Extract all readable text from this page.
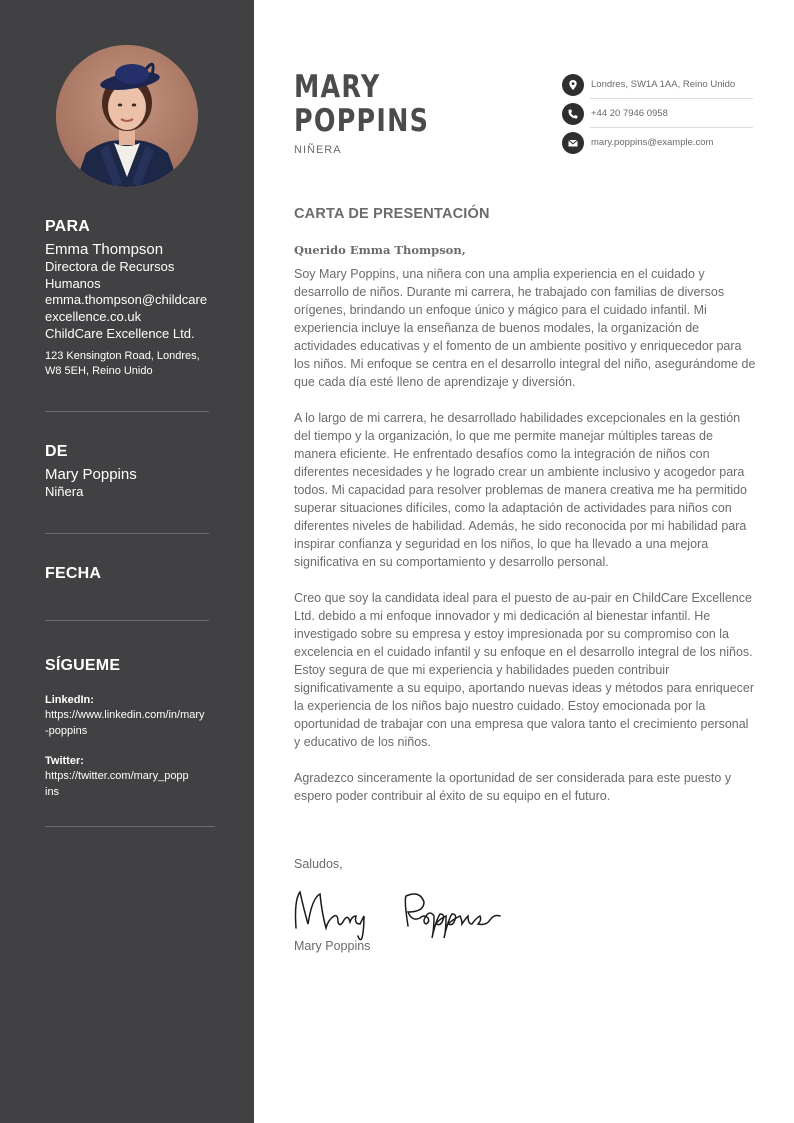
PARA
Emma Thompson
Directora de Recursos Humanos
emma.thompson@childcare
excellence.co.uk
ChildCare Excellence Ltd.
123 Kensington Road, Londres, W8 5EH, Reino Unido
DE
Mary Poppins
Niñera
FECHA
SÍGUEME
LinkedIn:
https://www.linkedin.com/in/mary-poppins
Twitter:
https://twitter.com/mary_popp
ins
MARY
POPPINS
NIÑERA
Londres, SW1A 1AA, Reino Unido
+44 20 7946 0958
mary.poppins@example.com
CARTA DE PRESENTACIÓN
Querido Emma Thompson,

Soy Mary Poppins, una niñera con una amplia experiencia en el cuidado y desarrollo de niños. Durante mi carrera, he trabajado con familias de diversos orígenes, brindando un enfoque único y mágico para el cuidado infantil. Mi experiencia incluye la enseñanza de buenos modales, la organización de actividades educativas y el fomento de un ambiente positivo y enriquecedor para los niños. Mi enfoque se centra en el desarrollo integral del niño, asegurándome de que cada día esté lleno de aprendizaje y diversión.

A lo largo de mi carrera, he desarrollado habilidades excepcionales en la gestión del tiempo y la organización, lo que me permite manejar múltiples tareas de manera eficiente. He enfrentado desafíos como la integración de niños con diferentes necesidades y he logrado crear un ambiente inclusivo y acogedor para todos. Mi capacidad para resolver problemas de manera creativa me ha permitido superar situaciones difíciles, como la adaptación de actividades para niños con diferentes niveles de habilidad. Además, he sido reconocida por mi habilidad para inspirar confianza y seguridad en los niños, lo que ha llevado a una mejora significativa en su comportamiento y desarrollo personal.

Creo que soy la candidata ideal para el puesto de au-pair en ChildCare Excellence Ltd. debido a mi enfoque innovador y mi dedicación al bienestar infantil. He investigado sobre su empresa y estoy impresionada por su compromiso con la excelencia en el cuidado infantil y su enfoque en el desarrollo integral de los niños. Estoy segura de que mi experiencia y habilidades pueden contribuir significativamente a su equipo, aportando nuevas ideas y métodos para enriquecer la experiencia de los niños bajo nuestro cuidado. Estoy emocionada por la oportunidad de trabajar con una empresa que valora tanto el crecimiento personal y educativo de los niños.

Agradezco sinceramente la oportunidad de ser considerada para este puesto y espero poder contribuir al éxito de su equipo en el futuro.

Saludos,
Mary Poppins
